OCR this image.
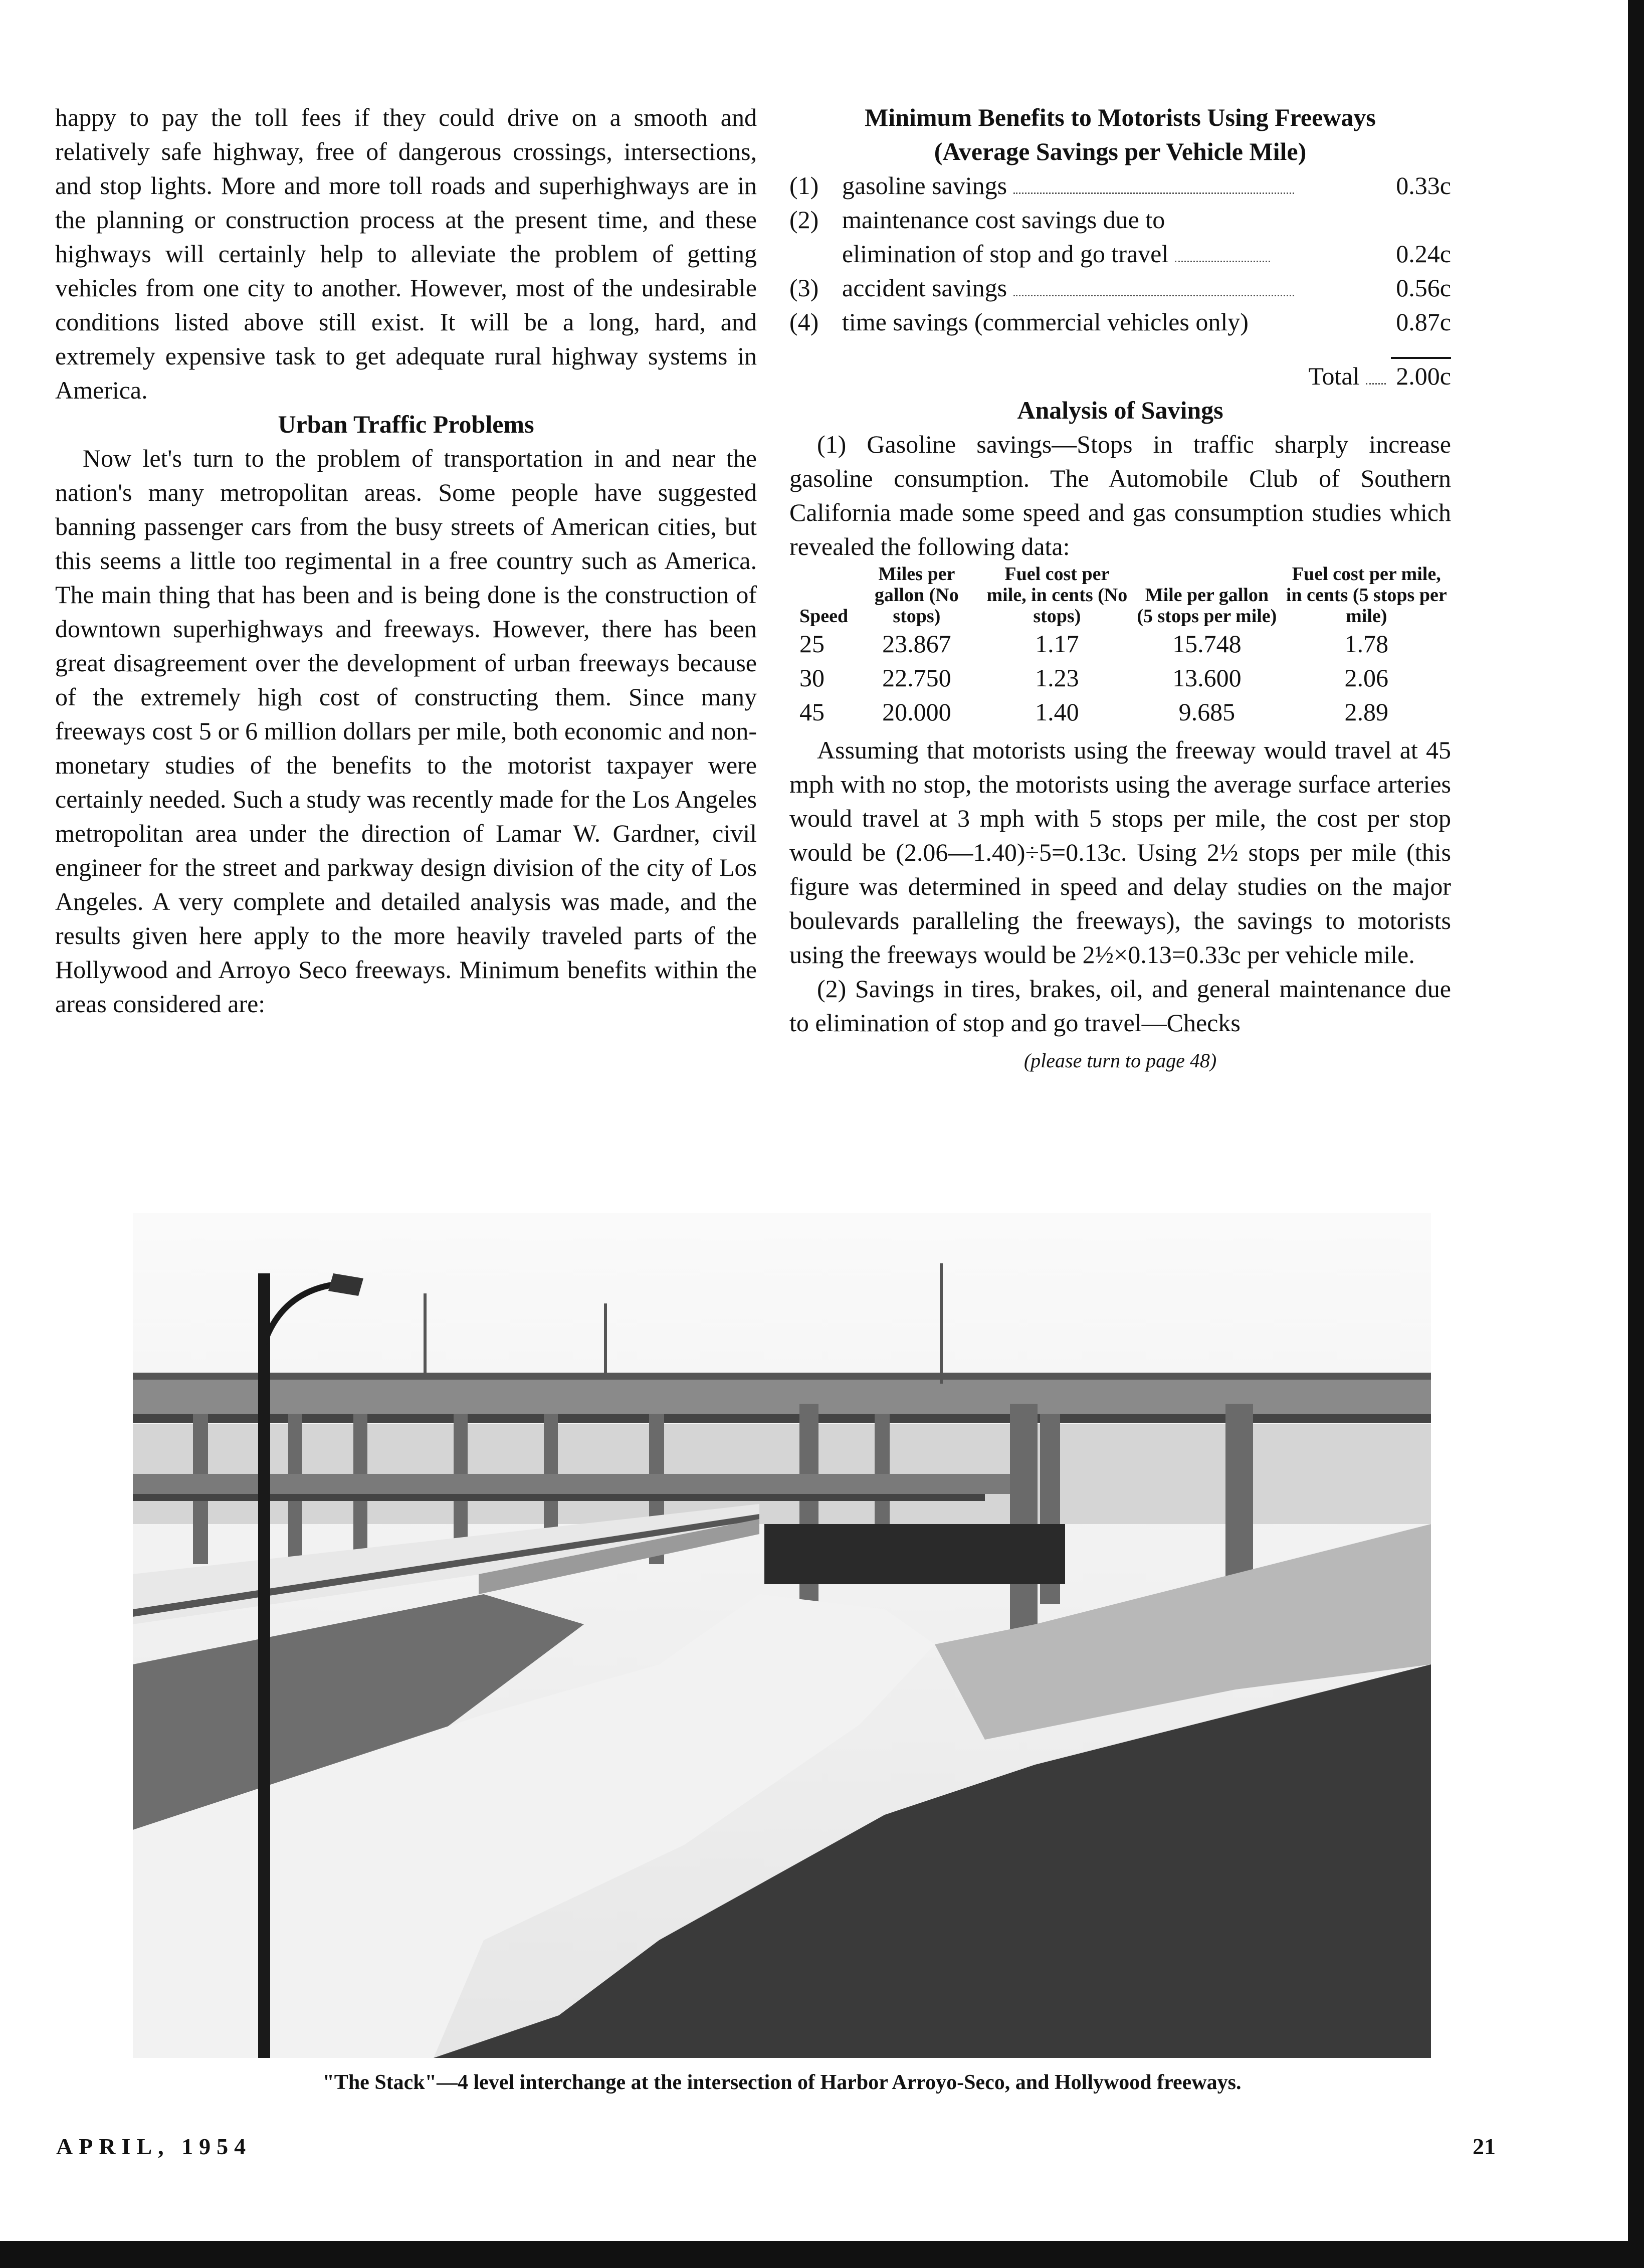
happy to pay the toll fees if they could drive on a smooth and relatively safe highway, free of dangerous crossings, intersections, and stop lights. More and more toll roads and superhighways are in the planning or construction process at the present time, and these highways will certainly help to alleviate the problem of getting vehicles from one city to another. However, most of the undesirable conditions listed above still exist. It will be a long, hard, and extremely expensive task to get adequate rural highway systems in America.

Urban Traffic Problems

Now let's turn to the problem of transportation in and near the nation's many metropolitan areas. Some people have suggested banning passenger cars from the busy streets of American cities, but this seems a little too regimental in a free country such as America. The main thing that has been and is being done is the construction of downtown superhighways and freeways. However, there has been great disagreement over the development of urban freeways because of the extremely high cost of constructing them. Since many freeways cost 5 or 6 million dollars per mile, both economic and non-monetary studies of the benefits to the motorist taxpayer were certainly needed. Such a study was recently made for the Los Angeles metropolitan area under the direction of Lamar W. Gardner, civil engineer for the street and parkway design division of the city of Los Angeles. A very complete and detailed analysis was made, and the results given here apply to the more heavily traveled parts of the Hollywood and Arroyo Seco freeways. Minimum benefits within the areas considered are:

Minimum Benefits to Motorists Using Freeways

(Average Savings per Vehicle Mile)

(1)	gasoline savings	0.33c
(2)	maintenance cost savings due to	
	elimination of stop and go travel	0.24c
(3)	accident savings	0.56c
(4)	time savings (commercial vehicles only)	0.87c

	Total	2.00c

Analysis of Savings

(1) Gasoline savings—Stops in traffic sharply increase gasoline consumption. The Automobile Club of Southern California made some speed and gas consumption studies which revealed the following data:

Speed	Miles per gallon (No stops)	Fuel cost per mile, in cents (No stops)	Mile per gallon (5 stops per mile)	Fuel cost per mile, in cents (5 stops per mile)
25	23.867	1.17	15.748	1.78
30	22.750	1.23	13.600	2.06
45	20.000	1.40	9.685	2.89

Assuming that motorists using the freeway would travel at 45 mph with no stop, the motorists using the average surface arteries would travel at 3 mph with 5 stops per mile, the cost per stop would be (2.06—1.40)÷5=0.13c. Using 2½ stops per mile (this figure was determined in speed and delay studies on the major boulevards paralleling the freeways), the savings to motorists using the freeways would be 2½×0.13=0.33c per vehicle mile.

(2) Savings in tires, brakes, oil, and general maintenance due to elimination of stop and go travel—Checks

(please turn to page 48)

"The Stack"—4 level interchange at the intersection of Harbor Arroyo-Seco, and Hollywood freeways.
APRIL, 1954	21
